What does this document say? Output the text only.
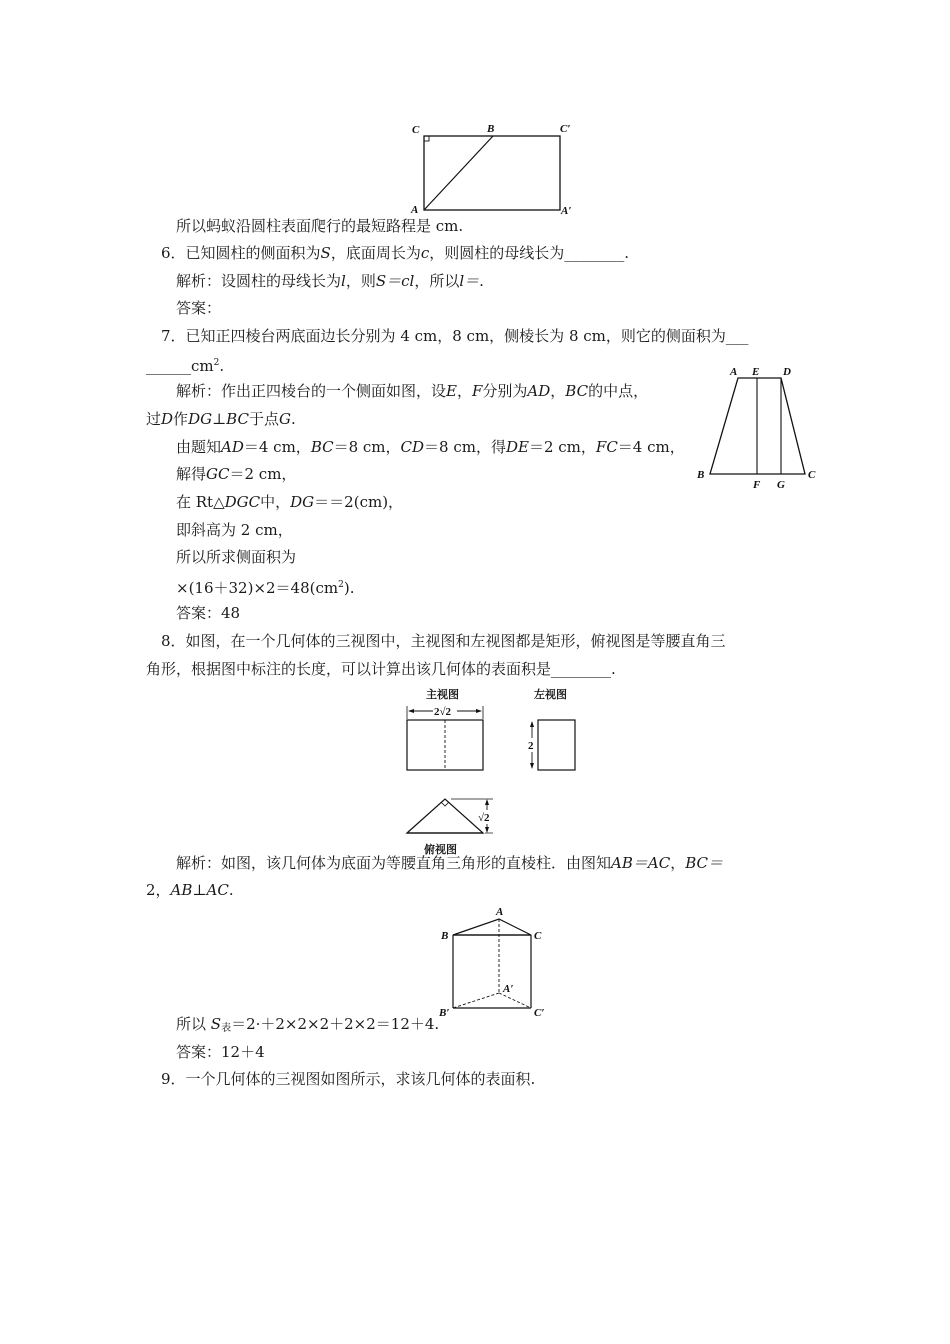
C	B	C′
A	A′
所以蚂蚁沿圆柱表面爬行的最短路程是 cm.
6．已知圆柱的侧面积为S，底面周长为c，则圆柱的母线长为________.
解析：设圆柱的母线长为l，则S＝cl，所以l＝.
答案：
7．已知正四棱台两底面边长分别为 4 cm，8 cm，侧棱长为 8 cm，则它的侧面积为___
$\_\_\_\_\_\_cm^2$.
解析：作出正四棱台的一个侧面如图，设E，F分别为AD，BC的中点，
过D作DG⊥BC于点G.
由题知AD＝4 cm，BC＝8 cm，CD＝8 cm，得DE＝2 cm，FC＝4 cm，
解得GC＝2 cm，
在 Rt△DGC中，DG＝＝2(cm)，
即斜高为 2 cm，
所以所求侧面积为
$\times(16+32)\times 2=48(cm^2)$.
答案：48
A E D
B
F G
C
8．如图，在一个几何体的三视图中，主视图和左视图都是矩形，俯视图是等腰直角三
角形，根据图中标注的长度，可以计算出该几何体的表面积是________.
主视图	左视图
俯视图
2√2
2
√2
解析：如图，该几何体为底面为等腰直角三角形的直棱柱．由图知AB＝AC，BC＝
2，AB⊥AC.
A
B	C
A′
B′	C′
所以 $S_表=2\cdot+2\times 2\times 2+2\times 2=12+4$.
答案：12＋4
9．一个几何体的三视图如图所示，求该几何体的表面积.
